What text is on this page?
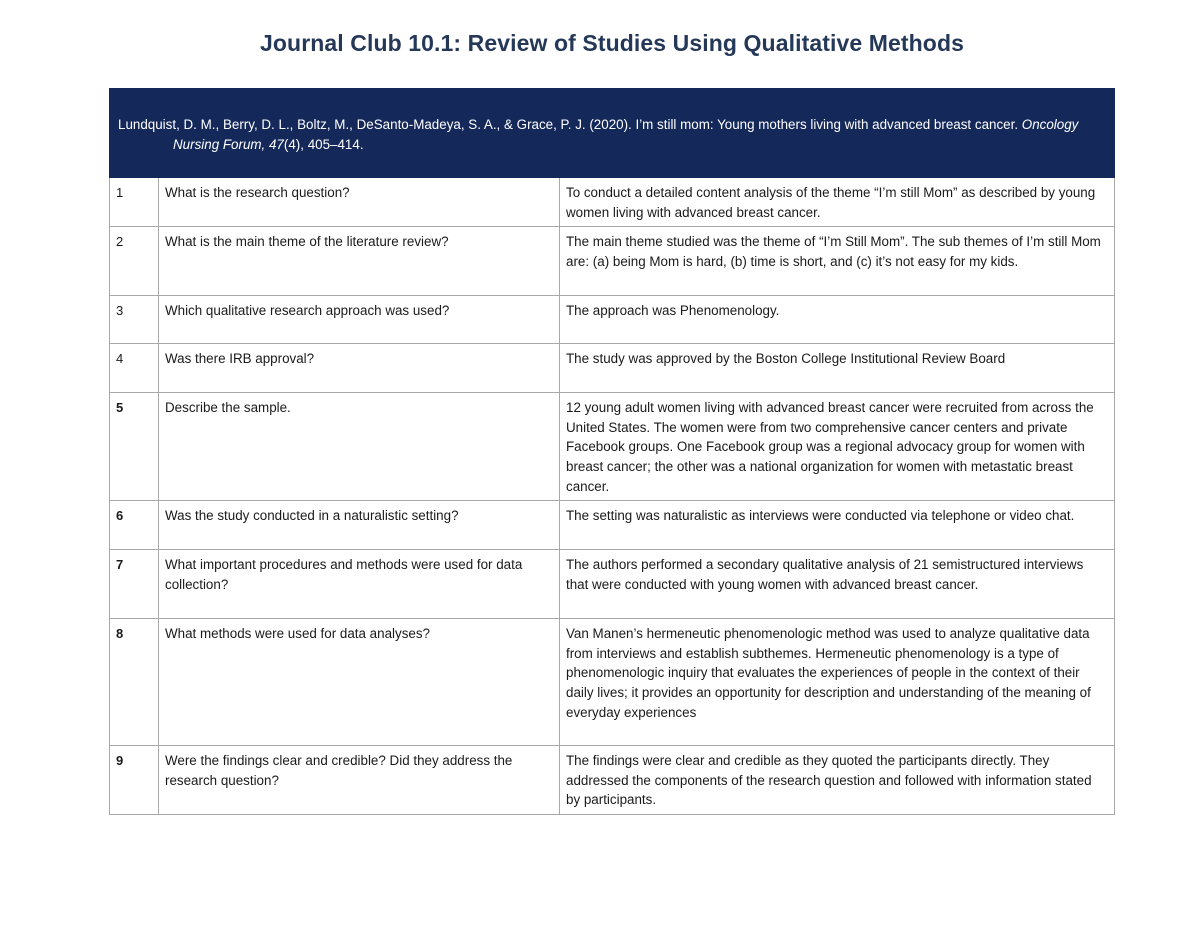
Journal Club 10.1: Review of Studies Using Qualitative Methods
Lundquist, D. M., Berry, D. L., Boltz, M., DeSanto-Madeya, S. A., & Grace, P. J. (2020). I’m still mom: Young mothers living with advanced breast cancer. Oncology Nursing Forum, 47(4), 405–414.		

1	What is the research question?	To conduct a detailed content analysis of the theme “I’m still Mom” as described by young women living with advanced breast cancer.
2	What is the main theme of the literature review?	The main theme studied was the theme of “I’m Still Mom”. The sub themes of I’m still Mom are: (a) being Mom is hard, (b) time is short, and (c) it’s not easy for my kids.
3	Which qualitative research approach was used?	The approach was Phenomenology.
4	Was there IRB approval?	The study was approved by the Boston College Institutional Review Board
5	Describe the sample.	12 young adult women living with advanced breast cancer were recruited from across the United States. The women were from two comprehensive cancer centers and private Facebook groups. One Facebook group was a regional advocacy group for women with breast cancer; the other was a national organization for women with metastatic breast cancer.
6	Was the study conducted in a naturalistic setting?	The setting was naturalistic as interviews were conducted via telephone or video chat.
7	What important procedures and methods were used for data collection?	The authors performed a secondary qualitative analysis of 21 semistructured interviews that were conducted with young women with advanced breast cancer.
8	What methods were used for data analyses?	Van Manen’s hermeneutic phenomenologic method was used to analyze qualitative data from interviews and establish subthemes. Hermeneutic phenomenology is a type of phenomenologic inquiry that evaluates the experiences of people in the context of their daily lives; it provides an opportunity for description and understanding of the meaning of everyday experiences
9	Were the findings clear and credible? Did they address the research question?	The findings were clear and credible as they quoted the participants directly. They addressed the components of the research question and followed with information stated by participants.
